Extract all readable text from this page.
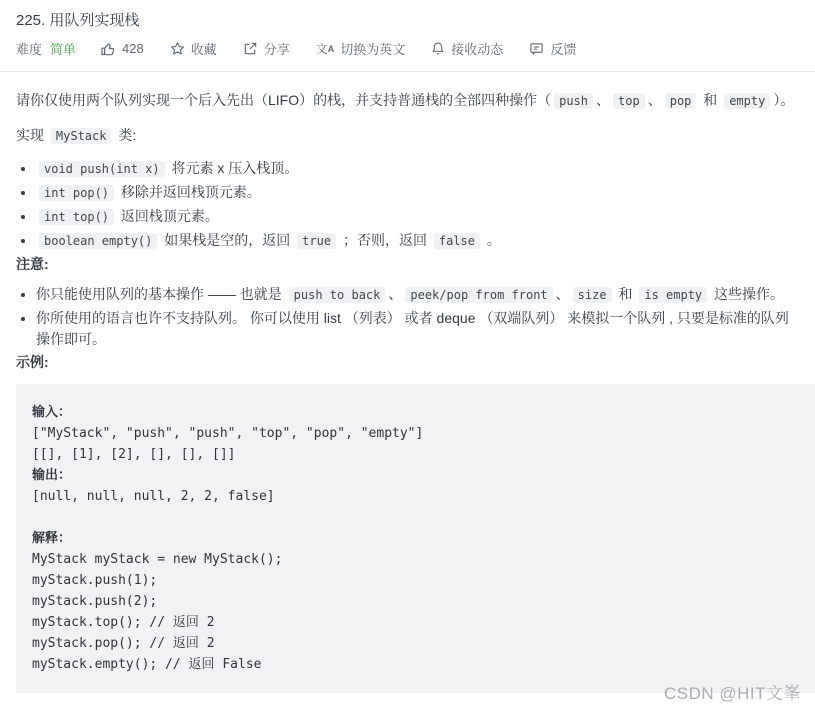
225. 用队列实现栈
难度 简单	428	收藏	分享 文 A 切换为英文	接收动态	反馈

请你仅使用两个队列实现一个后入先出（LIFO）的栈，并支持普通栈的全部四种操作（ push 、 top 、 pop 和 empty ）。

实现 MyStack 类:

• void push(int x) 将元素 x 压入栈顶。
• int pop() 移除并返回栈顶元素。
• int top() 返回栈顶元素。
• boolean empty() 如果栈是空的，返回 true ；否则，返回 false 。

注意:

• 你只能使用队列的基本操作 —— 也就是 push to back 、 peek/pop from front 、 size 和 is empty 这些操作。
• 你所使用的语言也许不支持队列。 你可以使用 list （列表） 或者 deque （双端队列） 来模拟一个队列 , 只要是标准的队列操作即可。

示例:

输入：
["MyStack", "push", "push", "top", "pop", "empty"]
[[], [1], [2], [], [], []]
输出：
[null, null, null, 2, 2, false]

解释：
MyStack myStack = new MyStack();
myStack.push(1);
myStack.push(2);
myStack.top(); // 返回 2
myStack.pop(); // 返回 2
myStack.empty(); // 返回 False
CSDN @HIT文峯
